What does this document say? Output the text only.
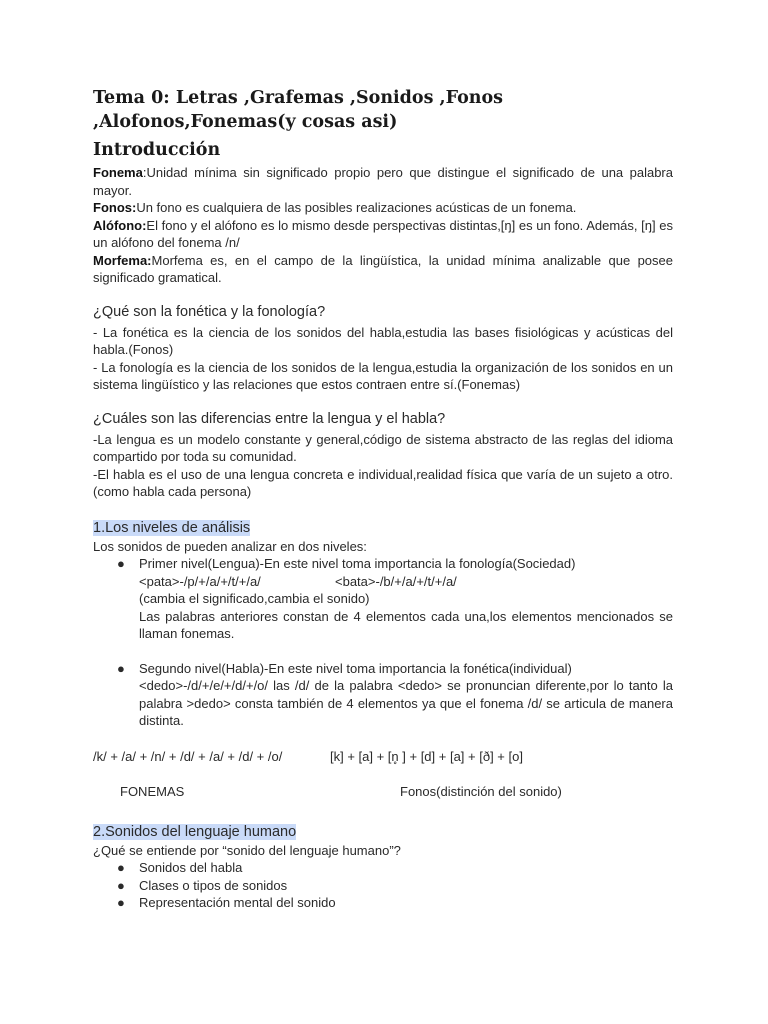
Tema 0: Letras ,Grafemas ,Sonidos ,Fonos ,Alofonos,Fonemas(y cosas asi)
Introducción

Fonema:Unidad mínima sin significado propio pero que distingue el significado de una palabra mayor.

Fonos:Un fono es cualquiera de las posibles realizaciones acústicas de un fonema.

Alófono:El fono y el alófono es lo mismo desde perspectivas distintas,[ŋ] es un fono. Además, [ŋ] es un alófono del fonema /n/

Morfema:Morfema es, en el campo de la lingüística, la unidad mínima analizable que posee significado gramatical.

¿Qué son la fonética y la fonología?

- La fonética es la ciencia de los sonidos del habla,estudia las bases fisiológicas y acústicas del habla.(Fonos)

- La fonología es la ciencia de los sonidos de la lengua,estudia la organización de los sonidos en un sistema lingüístico y las relaciones que estos contraen entre sí.(Fonemas)

¿Cuáles son las diferencias entre la lengua y el habla?

-La lengua es un modelo constante y general,código de sistema abstracto de las reglas del idioma compartido por toda su comunidad.

-El habla es el uso de una lengua concreta e individual,realidad física que varía de un sujeto a otro.(como habla cada persona)

1.Los niveles de análisis

Los sonidos de pueden analizar en dos niveles:

● Primer nivel(Lengua)-En este nivel toma importancia la fonología(Sociedad)
<pata>-/p/+/a/+/t/+/a/	<bata>-/b/+/a/+/t/+/a/
(cambia el significado,cambia el sonido)
Las palabras anteriores constan de 4 elementos cada una,los elementos mencionados se llaman fonemas.
● Segundo nivel(Habla)-En este nivel toma importancia la fonética(individual)
<dedo>-/d/+/e/+/d/+/o/ las /d/ de la palabra <dedo> se pronuncian diferente,por lo tanto la palabra >dedo> consta también de 4 elementos ya que el fonema /d/ se articula de manera distinta.
/k/ + /a/ + /n/ + /d/ + /a/ + /d/ + /o/	[k] + [a] + [n̥ ] + [d] + [a] + [ð] + [o]
FONEMAS	Fonos(distinción del sonido)

2.Sonidos del lenguaje humano

¿Qué se entiende por “sonido del lenguaje humano”?

● Sonidos del habla
● Clases o tipos de sonidos
● Representación mental del sonido
